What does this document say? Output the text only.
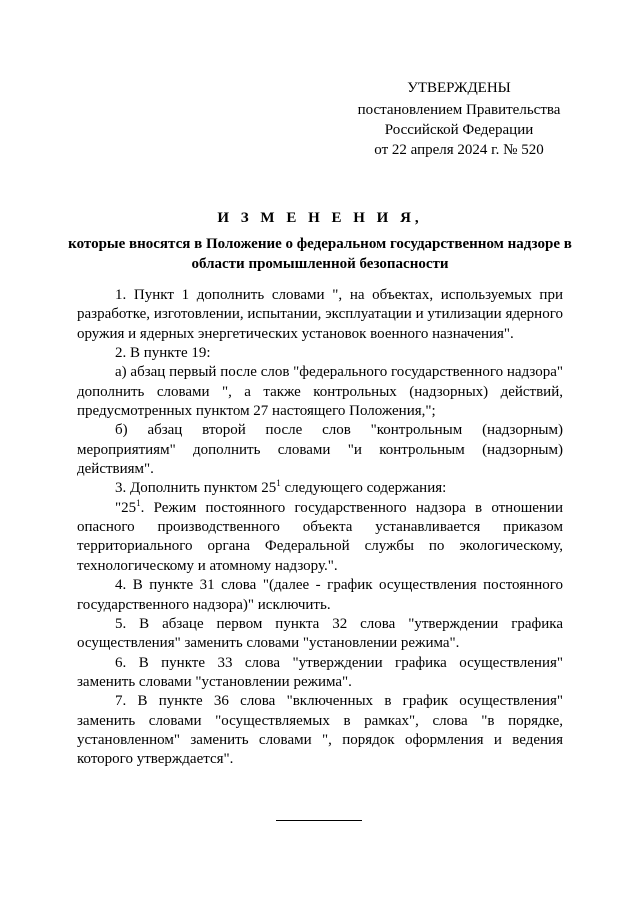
УТВЕРЖДЕНЫ
постановлением Правительства
Российской Федерации
от 22 апреля 2024 г. № 520
И З М Е Н Е Н И Я,
которые вносятся в Положение о федеральном государственном надзоре в области промышленной безопасности

1. Пункт 1 дополнить словами ", на объектах, используемых при разработке, изготовлении, испытании, эксплуатации и утилизации ядерного оружия и ядерных энергетических установок военного назначения".

2. В пункте 19:

а) абзац первый после слов "федерального государственного надзора" дополнить словами ", а также контрольных (надзорных) действий, предусмотренных пунктом 27 настоящего Положения,";

б) абзац второй после слов "контрольным (надзорным) мероприятиям" дополнить словами "и контрольным (надзорным) действиям".

3. Дополнить пунктом $25^1$ следующего содержания:

"$25^1$. Режим постоянного государственного надзора в отношении опасного производственного объекта устанавливается приказом территориального органа Федеральной службы по экологическому, технологическому и атомному надзору.".

4. В пункте 31 слова "(далее - график осуществления постоянного государственного надзора)" исключить.

5. В абзаце первом пункта 32 слова "утверждении графика осуществления" заменить словами "установлении режима".

6. В пункте 33 слова "утверждении графика осуществления" заменить словами "установлении режима".

7. В пункте 36 слова "включенных в график осуществления" заменить словами "осуществляемых в рамках", слова "в порядке, установленном" заменить словами ", порядок оформления и ведения которого утверждается".
